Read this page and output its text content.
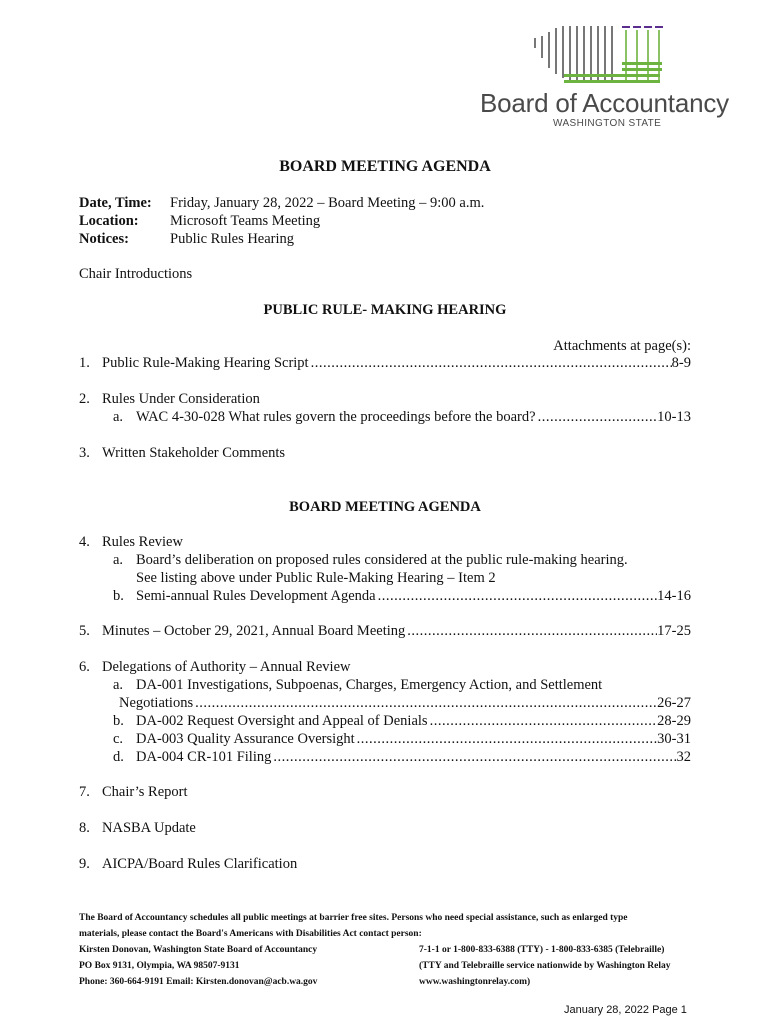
Board of Accountancy
WASHINGTON STATE
BOARD MEETING AGENDA
Date, Time: Friday, January 28, 2022 – Board Meeting – 9:00 a.m.
Location: Microsoft Teams Meeting
Notices:	Public Rules Hearing
Chair Introductions
PUBLIC RULE- MAKING HEARING
Attachments at page(s):
1. Public Rule-Making Hearing Script .....	8-9
2. Rules Under Consideration
a. WAC 4-30-028 What rules govern the proceedings before the board? .....	10-13
3. Written Stakeholder Comments
BOARD MEETING AGENDA
4. Rules Review
a. Board’s deliberation on proposed rules considered at the public rule-making hearing.
See listing above under Public Rule-Making Hearing – Item 2
b. Semi-annual Rules Development Agenda .....	14-16
5. Minutes – October 29, 2021, Annual Board Meeting .....	17-25
6. Delegations of Authority – Annual Review
a. DA-001 Investigations, Subpoenas, Charges, Emergency Action, and Settlement
Negotiations .....	26-27
b. DA-002 Request Oversight and Appeal of Denials .....	28-29
c. DA-003 Quality Assurance Oversight .....	30-31
d. DA-004 CR-101 Filing .....	32
7. Chair’s Report
8. NASBA Update
9. AICPA/Board Rules Clarification
The Board of Accountancy schedules all public meetings at barrier free sites. Persons who need special assistance, such as enlarged type
materials, please contact the Board's Americans with Disabilities Act contact person:
Kirsten Donovan, Washington State Board of Accountancy
PO Box 9131, Olympia, WA 98507-9131
Phone: 360-664-9191 Email: Kirsten.donovan@acb.wa.gov
7-1-1 or 1-800-833-6388 (TTY) - 1-800-833-6385 (Telebraille)
(TTY and Telebraille service nationwide by Washington Relay
www.washingtonrelay.com)
January 28, 2022 Page 1
